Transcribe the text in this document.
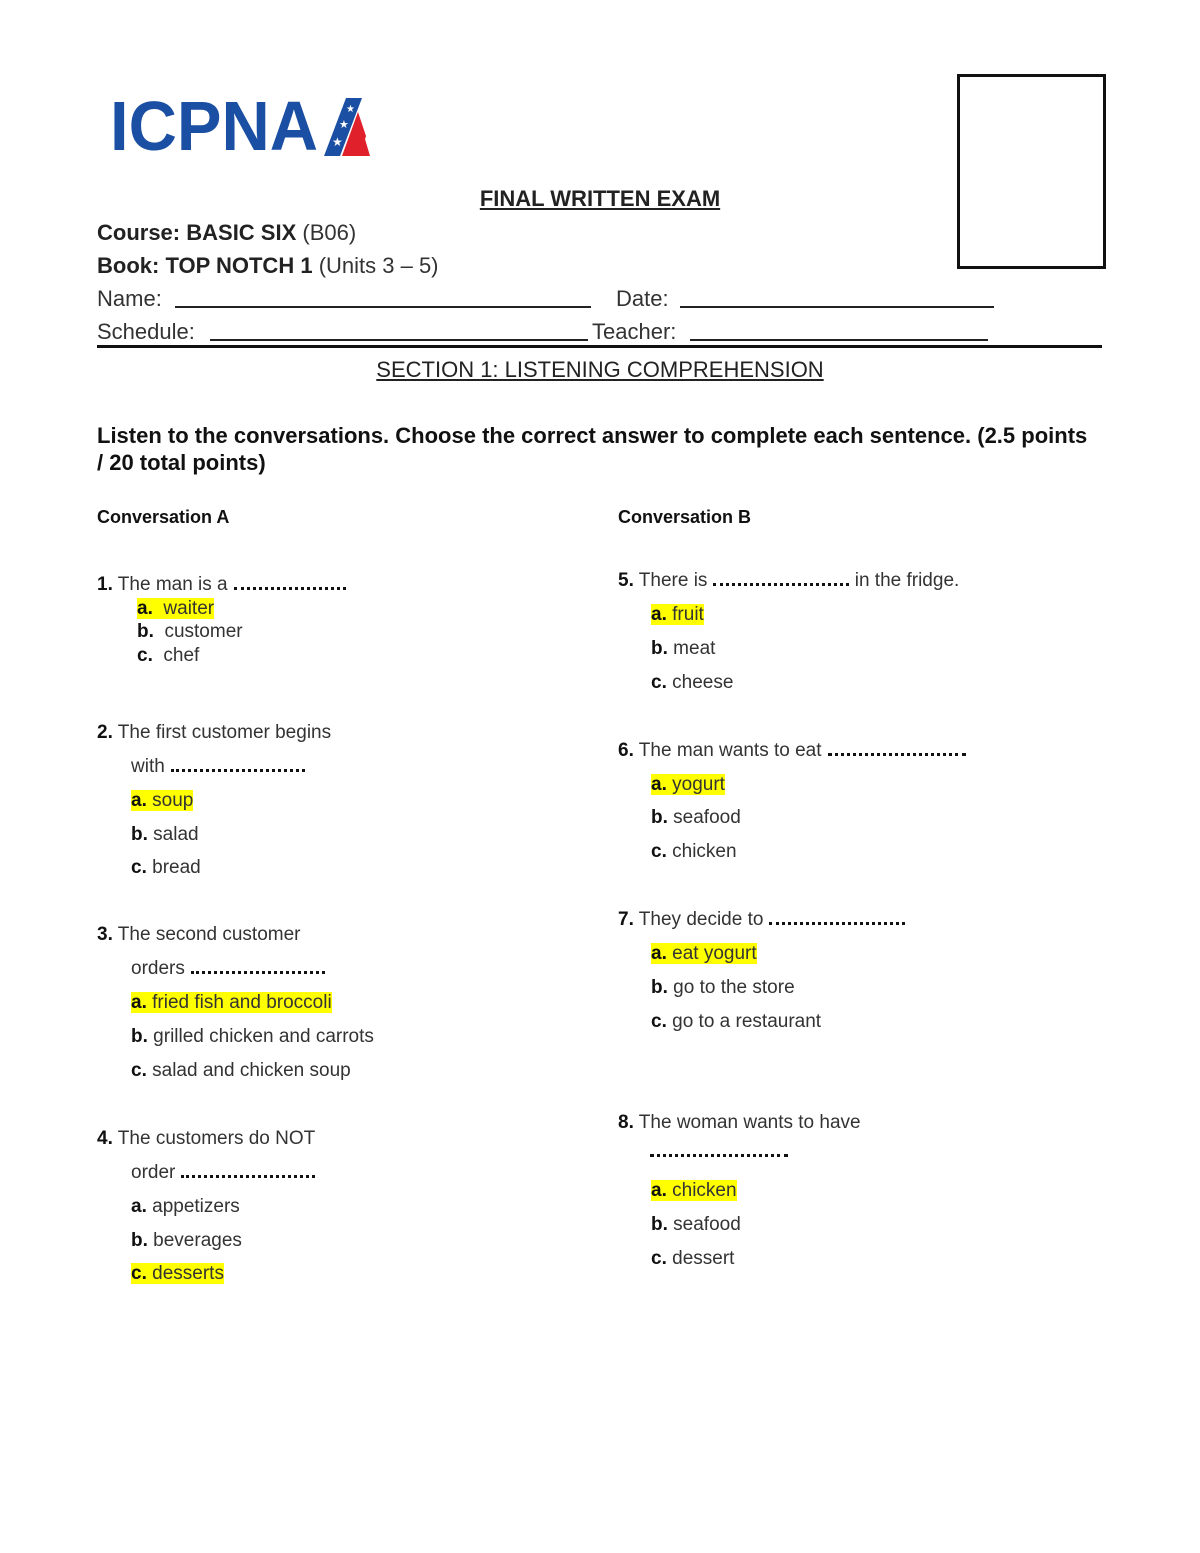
ICPNA ★
★
★
FINAL WRITTEN EXAM
Course: BASIC SIX (B06)
Book: TOP NOTCH 1 (Units 3 – 5)
Name:	Date:
Schedule:	Teacher:
SECTION 1: LISTENING COMPREHENSION
Listen to the conversations. Choose the correct answer to complete each sentence. (2.5 points / 20 total points)
Conversation A
1. The man is a
a. waiter
b. customer
c. chef
2. The first customer begins
with
a. soup
b. salad
c. bread
3. The second customer
orders
a. fried fish and broccoli
b. grilled chicken and carrots
c. salad and chicken soup
4. The customers do NOT
order
a. appetizers
b. beverages
c. desserts
Conversation B
5. There is	in the fridge.
a. fruit
b. meat
c. cheese
6. The man wants to eat
a. yogurt
b. seafood
c. chicken
7. They decide to
a. eat yogurt
b. go to the store
c. go to a restaurant
8. The woman wants to have
a. chicken
b. seafood
c. dessert
